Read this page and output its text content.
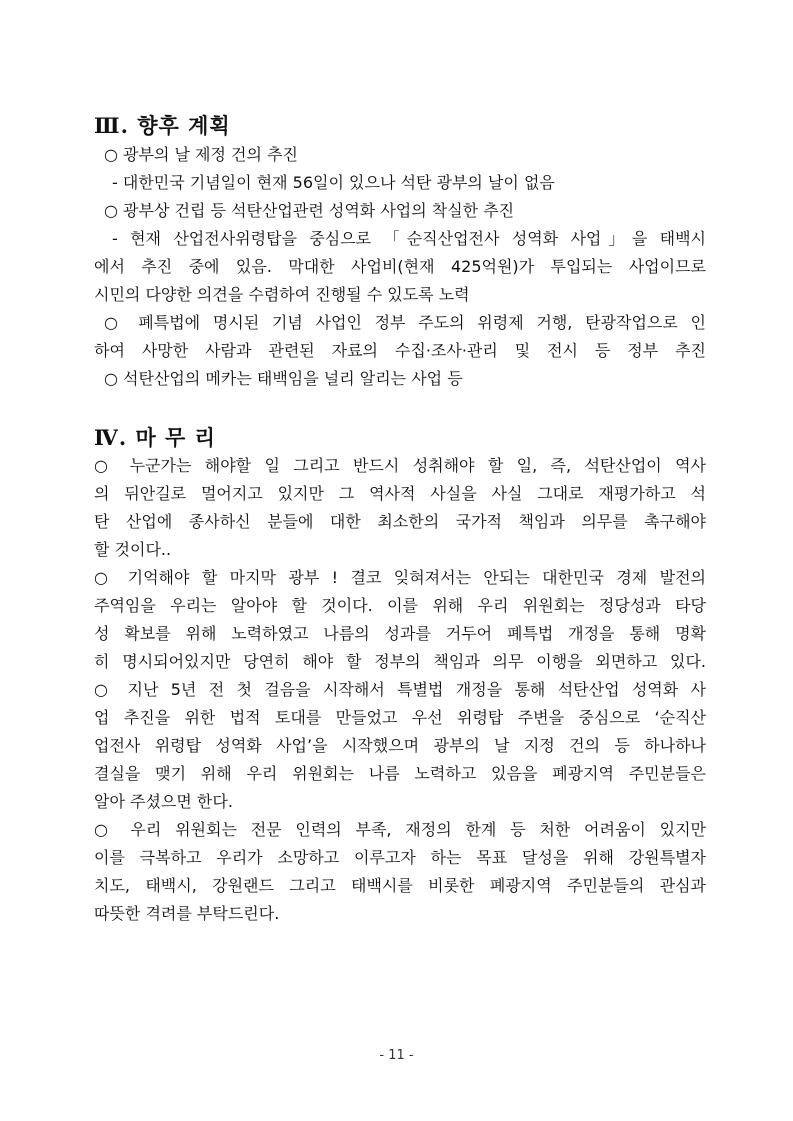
Ⅲ. 향후 계획
○ 광부의 날 제정 건의 추진
- 대한민국 기념일이 현재 56일이 있으나 석탄 광부의 날이 없음
○ 광부상 건립 등 석탄산업관련 성역화 사업의 착실한 추진
- 현재 산업전사위령탑을 중심으로 「순직산업전사 성역화 사업」을 태백시
에서 추진 중에 있음. 막대한 사업비(현재 425억원)가 투입되는 사업이므로
시민의 다양한 의견을 수렴하여 진행될 수 있도록 노력
○ 폐특법에 명시된 기념 사업인 정부 주도의 위령제 거행, 탄광작업으로 인
하여 사망한 사람과 관련된 자료의 수집·조사·관리 및 전시 등 정부 추진
○ 석탄산업의 메카는 태백임을 널리 알리는 사업 등
Ⅳ. 마 무 리
○ 누군가는 해야할 일 그리고 반드시 성취해야 할 일, 즉, 석탄산업이 역사
의 뒤안길로 멀어지고 있지만 그 역사적 사실을 사실 그대로 재평가하고 석
탄 산업에 종사하신 분들에 대한 최소한의 국가적 책임과 의무를 촉구해야
할 것이다..
○ 기억해야 할 마지막 광부 ! 결코 잊혀져서는 안되는 대한민국 경제 발전의
주역임을 우리는 알아야 할 것이다. 이를 위해 우리 위원회는 정당성과 타당
성 확보를 위해 노력하였고 나름의 성과를 거두어 폐특법 개정을 통해 명확
히 명시되어있지만 당연히 해야 할 정부의 책임과 의무 이행을 외면하고 있다.
○ 지난 5년 전 첫 걸음을 시작해서 특별법 개정을 통해 석탄산업 성역화 사
업 추진을 위한 법적 토대를 만들었고 우선 위령탑 주변을 중심으로 ‘순직산
업전사 위령탑 성역화 사업’을 시작했으며 광부의 날 지정 건의 등 하나하나
결실을 맺기 위해 우리 위원회는 나름 노력하고 있음을 폐광지역 주민분들은
알아 주셨으면 한다.
○ 우리 위원회는 전문 인력의 부족, 재정의 한계 등 처한 어려움이 있지만
이를 극복하고 우리가 소망하고 이루고자 하는 목표 달성을 위해 강원특별자
치도, 태백시, 강원랜드 그리고 태백시를 비롯한 폐광지역 주민분들의 관심과
따뜻한 격려를 부탁드린다.
- 11 -
